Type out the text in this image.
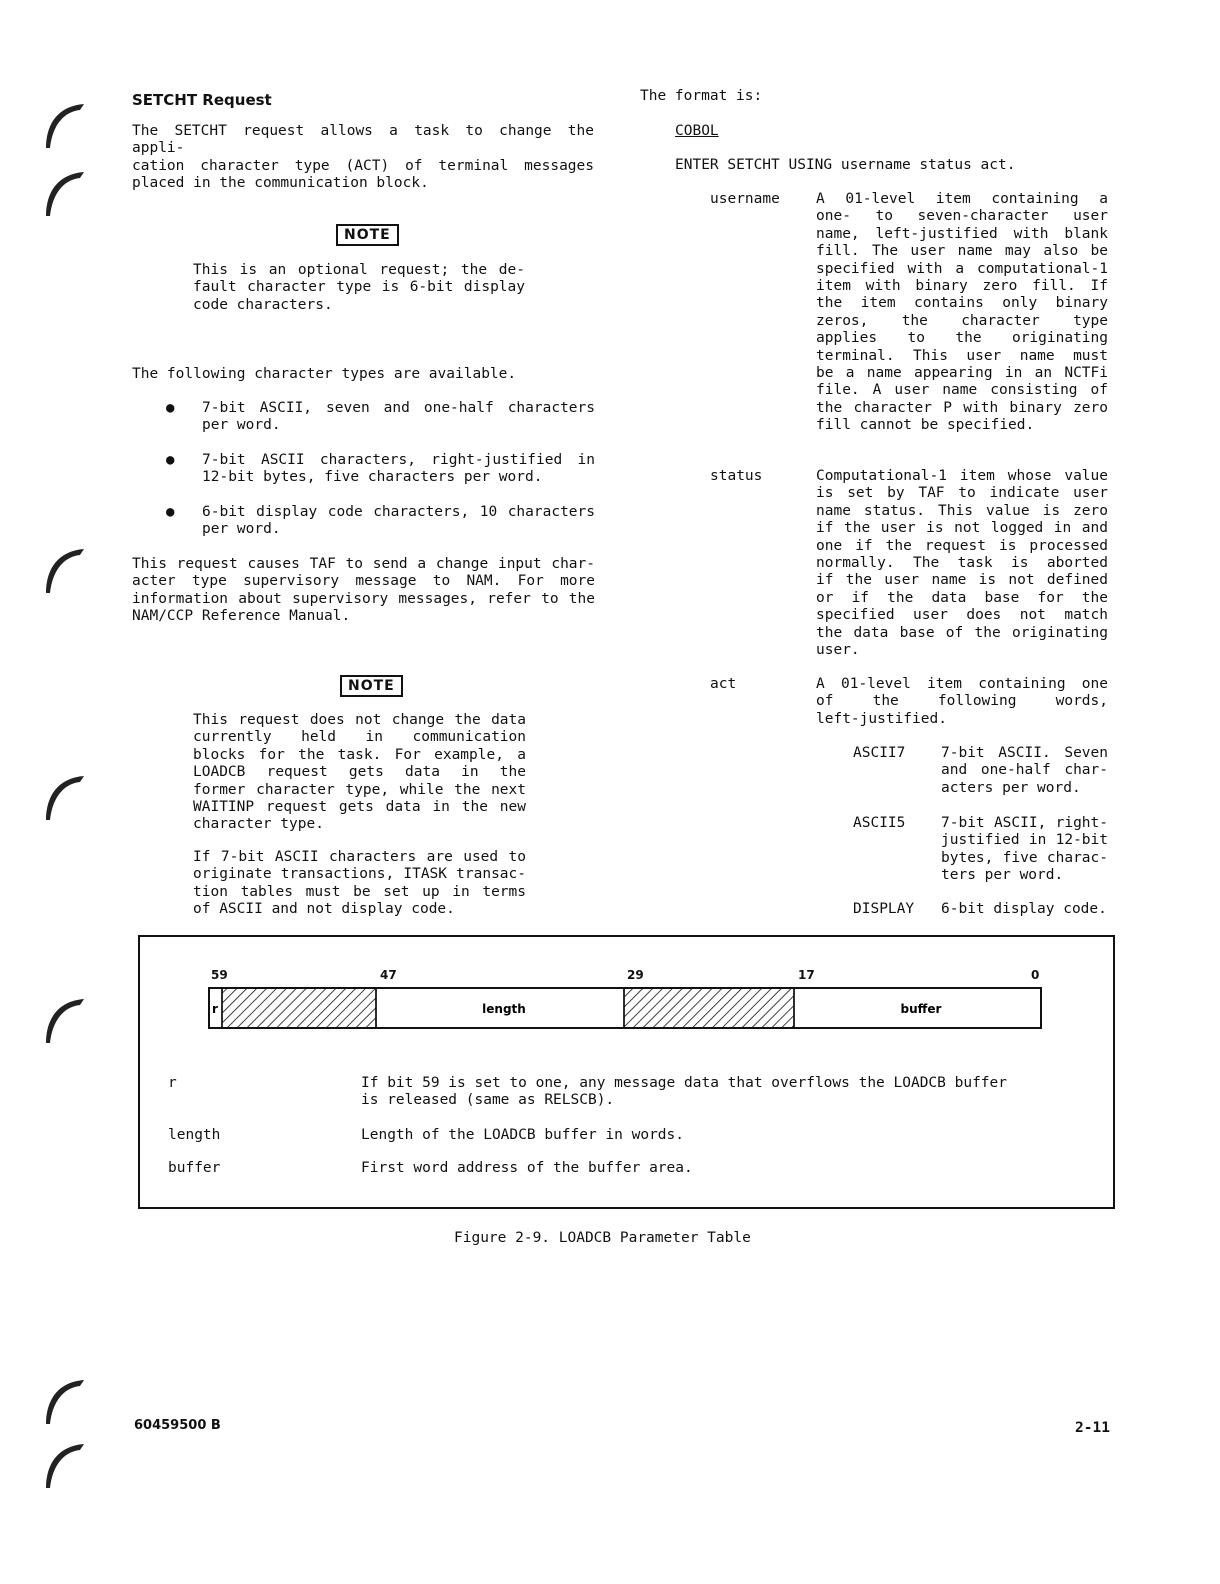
SETCHT Request
The SETCHT request allows a task to change the appli-
cation character type (ACT) of terminal messages
placed in the communication block.
NOTE
This is an optional request; the de-
fault character type is 6-bit display
code characters.
The following character types are available.
● 7-bit ASCII, seven and one-half characters
per word.
● 7-bit ASCII characters, right-justified in
12-bit bytes, five characters per word.
● 6-bit display code characters, 10 characters
per word.
This request causes TAF to send a change input char-
acter type supervisory message to NAM. For more
information about supervisory messages, refer to the
NAM/CCP Reference Manual.
NOTE
This request does not change the data
currently held in communication
blocks for the task. For example, a
LOADCB request gets data in the
former character type, while the next
WAITINP request gets data in the new
character type.
If 7-bit ASCII characters are used to
originate transactions, ITASK transac-
tion tables must be set up in terms
of ASCII and not display code.
The format is:
COBOL
ENTER SETCHT USING username status act.
username A 01-level item containing a
one- to seven-character user
name, left-justified with blank
fill. The user name may also be
specified with a computational-1
item with binary zero fill. If
the item contains only binary
zeros, the character type
applies to the originating
terminal. This user name must
be a name appearing in an NCTFi
file. A user name consisting of
the character P with binary zero
fill cannot be specified.
status	Computational-1 item whose value
is set by TAF to indicate user
name status. This value is zero
if the user is not logged in and
one if the request is processed
normally. The task is aborted
if the user name is not defined
or if the data base for the
specified user does not match
the data base of the originating
user.
act	A 01-level item containing one
of the following words,
left-justified.
ASCII7 7-bit ASCII. Seven
and one-half char-
acters per word.
ASCII5 7-bit ASCII, right-
justified in 12-bit
bytes, five charac-
ters per word.
DISPLAY 6-bit display code.
59	47	29	17	0
r	length	buffer
r	If bit 59 is set to one, any message data that overflows the LOADCB buffer
is released (same as RELSCB).
length	Length of the LOADCB buffer in words.
buffer	First word address of the buffer area.
Figure 2-9. LOADCB Parameter Table
60459500 B	2-11
